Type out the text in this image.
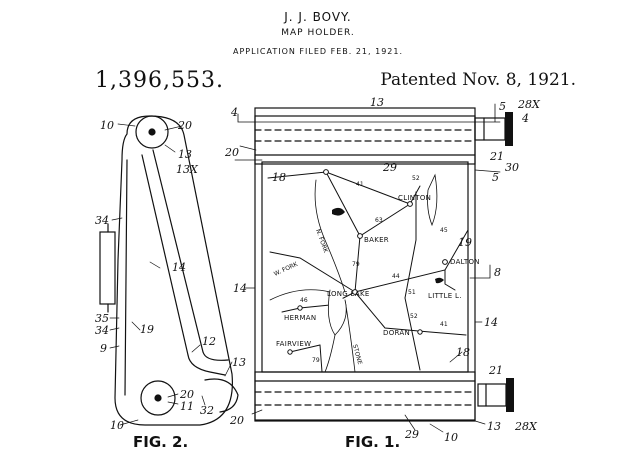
J. J. BOVY.
MAP HOLDER.
APPLICATION FILED FEB. 21, 1921.
1,396,553.	Patented Nov. 8, 1921.
10	20
13
13X
34
14
35
34	19
9
12
13
20
11
10
32
FIG. 2.
4
13	5 28X
4
20	21
29	30
5
18
19
8
14
14
18
21
20
29 10
13 28X
FIG. 1.
CLINTON
BAKER
DALTON
LONG LAKE
HERMAN
FAIRVIEW
DORAN
LITTLE L.
41
52
63
45
79
44
46
51
41
52
79
N. FORK
W. FORK
STONE
